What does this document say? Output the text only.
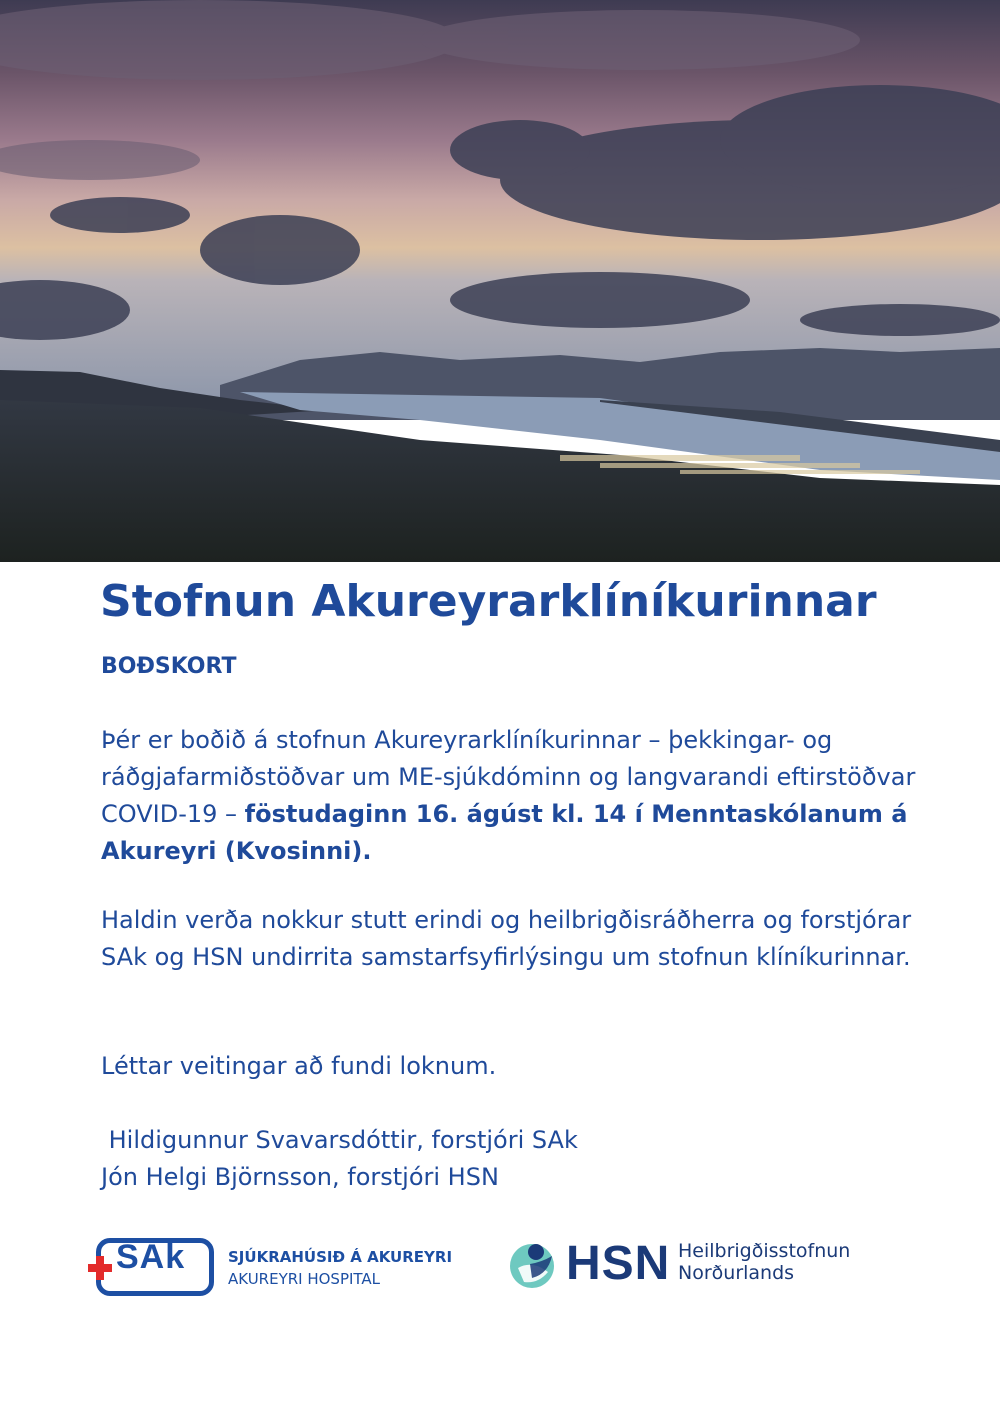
Stofnun Akureyrarklíníkurinnar
BOÐSKORT

Þér er boðið á stofnun Akureyrarklíníkurinnar – þekkingar- og ráðgjafarmiðstöðvar um ME-sjúkdóminn og langvarandi eftirstöðvar COVID-19 – föstudaginn 16. ágúst kl. 14 í Menntaskólanum á Akureyri (Kvosinni).

Haldin verða nokkur stutt erindi og heilbrigðisráðherra og forstjórar SAk og HSN undirrita samstarfsyfirlýsingu um stofnun klíníkurinnar.

Léttar veitingar að fundi loknum.

Hildigunnur Svavarsdóttir, forstjóri SAk
Jón Helgi Björnsson, forstjóri HSN
SAk	SJÚKRAHÚSIÐ Á AKUREYRI
AKUREYRI HOSPITAL	HSN Heilbrigðisstofnun
Norðurlands
